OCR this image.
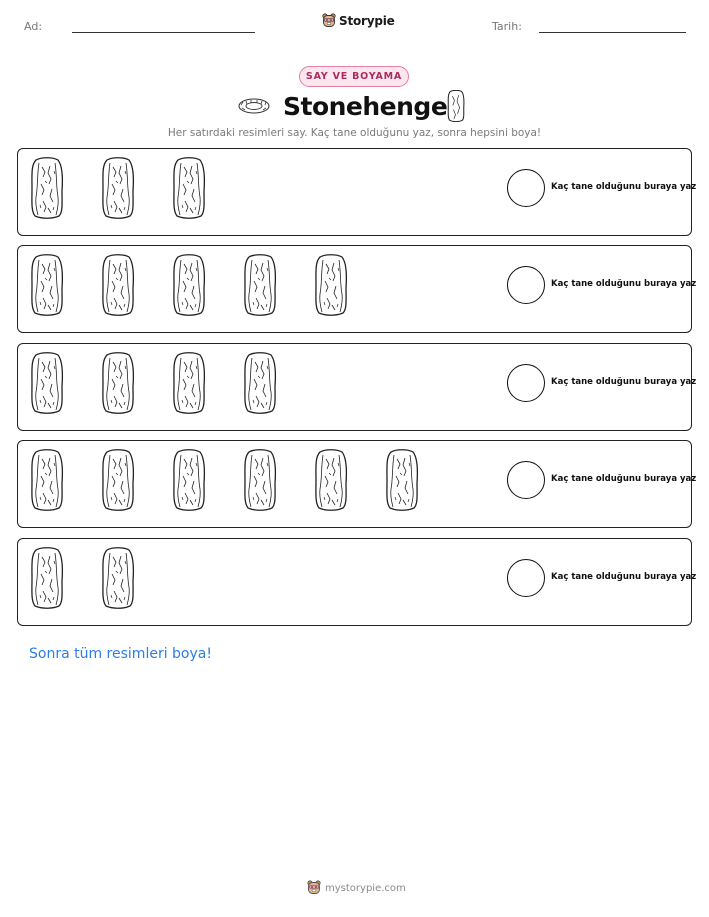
Ad:	Storypie	Tarih:
SAY VE BOYAMA
Stonehenge
Her satırdaki resimleri say. Kaç tane olduğunu yaz, sonra hepsini boya!
Kaç tane olduğunu buraya yaz
Kaç tane olduğunu buraya yaz
Kaç tane olduğunu buraya yaz
Kaç tane olduğunu buraya yaz
Kaç tane olduğunu buraya yaz
Sonra tüm resimleri boya!
mystorypie.com
